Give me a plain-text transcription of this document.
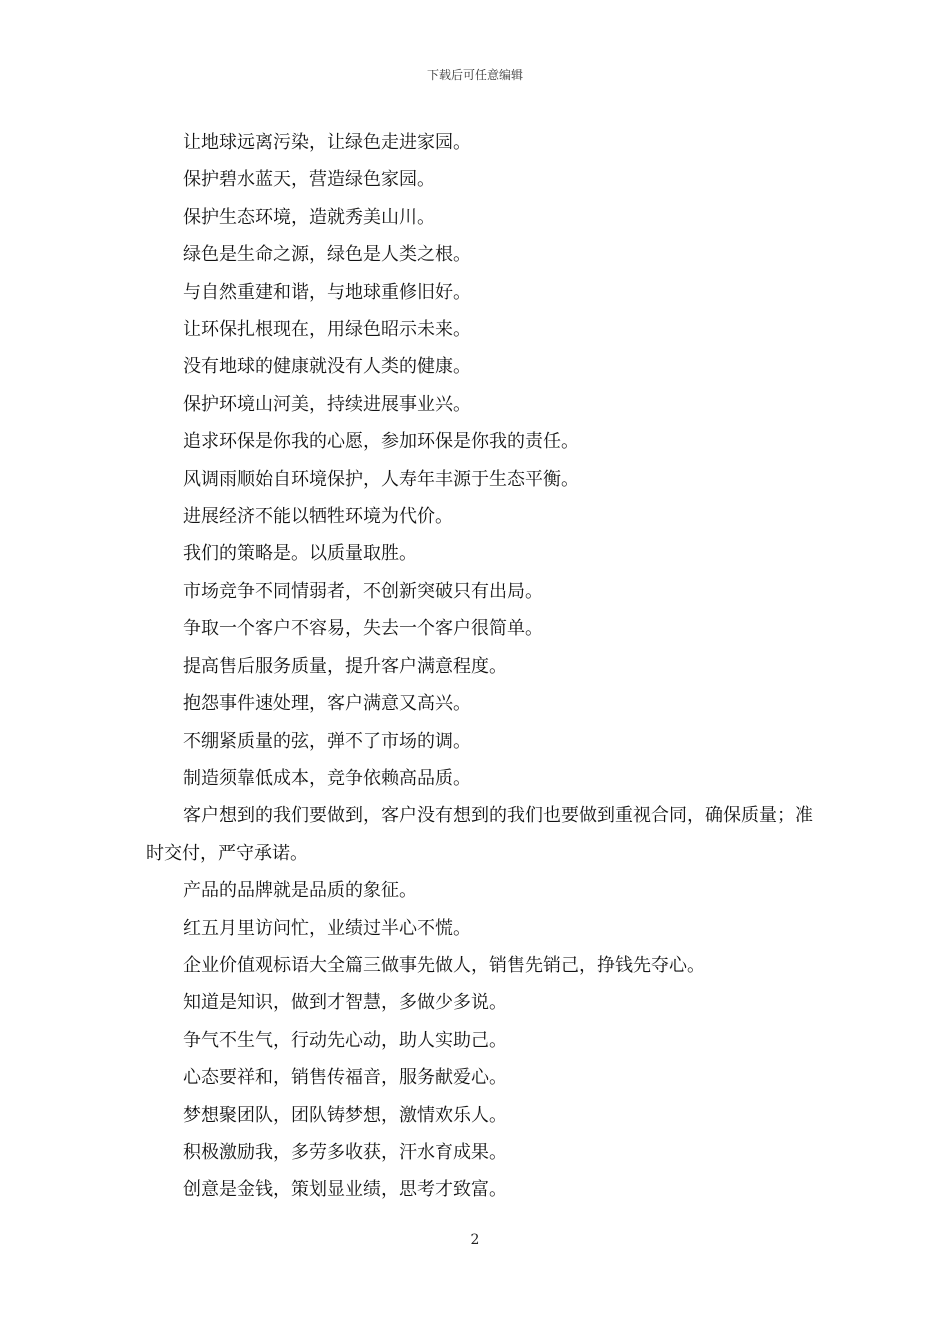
下载后可任意编辑

让地球远离污染，让绿色走进家园。

保护碧水蓝天，营造绿色家园。

保护生态环境，造就秀美山川。

绿色是生命之源，绿色是人类之根。

与自然重建和谐，与地球重修旧好。

让环保扎根现在，用绿色昭示未来。

没有地球的健康就没有人类的健康。

保护环境山河美，持续进展事业兴。

追求环保是你我的心愿，参加环保是你我的责任。

风调雨顺始自环境保护，人寿年丰源于生态平衡。

进展经济不能以牺牲环境为代价。

我们的策略是。以质量取胜。

市场竞争不同情弱者，不创新突破只有出局。

争取一个客户不容易，失去一个客户很简单。

提高售后服务质量，提升客户满意程度。

抱怨事件速处理，客户满意又高兴。

不绷紧质量的弦，弹不了市场的调。

制造须靠低成本，竞争依赖高品质。

客户想到的我们要做到，客户没有想到的我们也要做到重视合同，确保质量；准时交付，严守承诺。

产品的品牌就是品质的象征。

红五月里访问忙，业绩过半心不慌。

企业价值观标语大全篇三做事先做人，销售先销己，挣钱先夺心。

知道是知识，做到才智慧，多做少多说。

争气不生气，行动先心动，助人实助己。

心态要祥和，销售传福音，服务献爱心。

梦想聚团队，团队铸梦想，激情欢乐人。

积极激励我，多劳多收获，汗水育成果。

创意是金钱，策划显业绩，思考才致富。

2
